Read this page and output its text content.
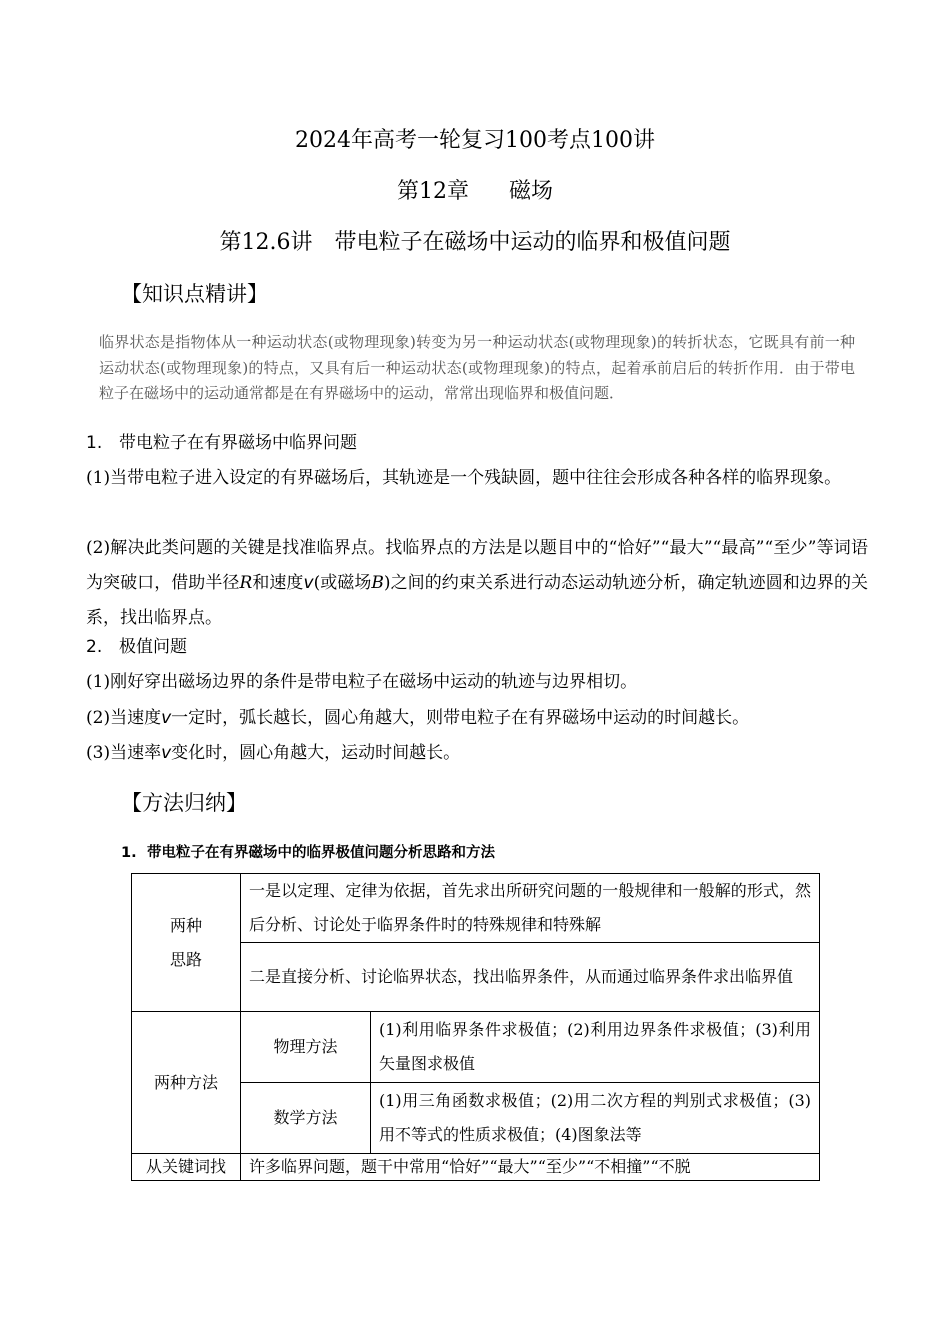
2024年高考一轮复习100考点100讲
第12章 磁场
第12.6讲　带电粒子在磁场中运动的临界和极值问题
【知识点精讲】
临界状态是指物体从一种运动状态(或物理现象)转变为另一种运动状态(或物理现象)的转折状态，它既具有前一种运动状态(或物理现象)的特点，又具有后一种运动状态(或物理现象)的特点，起着承前启后的转折作用．由于带电粒子在磁场中的运动通常都是在有界磁场中的运动，常常出现临界和极值问题．
1. 带电粒子在有界磁场中临界问题
(1)当带电粒子进入设定的有界磁场后，其轨迹是一个残缺圆，题中往往会形成各种各样的临界现象。
(2)解决此类问题的关键是找准临界点。找临界点的方法是以题目中的“恰好”“最大”“最高”“至少”等词语为突破口，借助半径R和速度v(或磁场B)之间的约束关系进行动态运动轨迹分析，确定轨迹圆和边界的关系，找出临界点。
2. 极值问题
(1)刚好穿出磁场边界的条件是带电粒子在磁场中运动的轨迹与边界相切。
(2)当速度v一定时，弧长越长，圆心角越大，则带电粒子在有界磁场中运动的时间越长。
(3)当速率v变化时，圆心角越大，运动时间越长。
【方法归纳】
1. 带电粒子在有界磁场中的临界极值问题分析思路和方法
两种
思路	一是以定理、定律为依据，首先求出所研究问题的一般规律和一般解的形式，然后分析、讨论处于临界条件时的特殊规律和特殊解	
	二是直接分析、讨论临界状态，找出临界条件，从而通过临界条件求出临界值	
两种方法	物理方法	(1)利用临界条件求极值；(2)利用边界条件求极值；(3)利用矢量图求极值
	数学方法	(1)用三角函数求极值；(2)用二次方程的判别式求极值；(3)用不等式的性质求极值；(4)图象法等
从关键词找	许多临界问题，题干中常用“恰好”“最大”“至少”“不相撞”“不脱	
